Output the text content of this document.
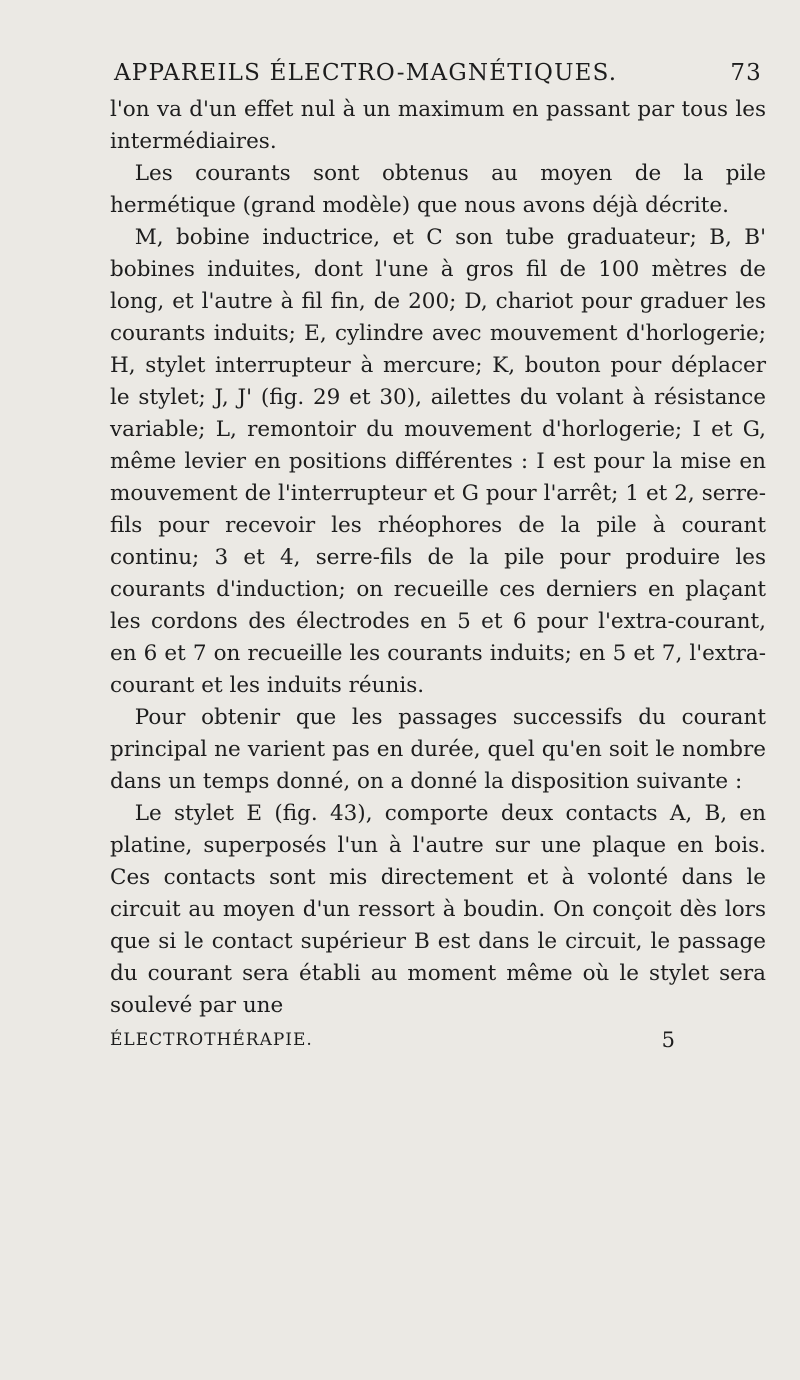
APPAREILS ÉLECTRO-MAGNÉTIQUES.	73

l'on va d'un effet nul à un maximum en passant par tous les intermédiaires.

Les courants sont obtenus au moyen de la pile hermétique (grand modèle) que nous avons déjà décrite.

M, bobine inductrice, et C son tube graduateur; B, B' bobines induites, dont l'une à gros fil de 100 mètres de long, et l'autre à fil fin, de 200; D, chariot pour graduer les courants induits; E, cylindre avec mouvement d'horlogerie; H, stylet interrupteur à mercure; K, bouton pour déplacer le stylet; J, J' (fig. 29 et 30), ailettes du volant à résistance variable; L, remontoir du mouvement d'horlogerie; I et G, même levier en positions différentes : I est pour la mise en mouvement de l'interrupteur et G pour l'arrêt; 1 et 2, serre-fils pour recevoir les rhéophores de la pile à courant continu; 3 et 4, serre-fils de la pile pour produire les courants d'induction; on recueille ces derniers en plaçant les cordons des électrodes en 5 et 6 pour l'extra-courant, en 6 et 7 on recueille les courants induits; en 5 et 7, l'extra-courant et les induits réunis.

Pour obtenir que les passages successifs du courant principal ne varient pas en durée, quel qu'en soit le nombre dans un temps donné, on a donné la disposition suivante :

Le stylet E (fig. 43), comporte deux contacts A, B, en platine, superposés l'un à l'autre sur une plaque en bois. Ces contacts sont mis directement et à volonté dans le circuit au moyen d'un ressort à boudin. On conçoit dès lors que si le contact supérieur B est dans le circuit, le passage du courant sera établi au moment même où le stylet sera soulevé par une

ÉLECTROTHÉRAPIE.	5
